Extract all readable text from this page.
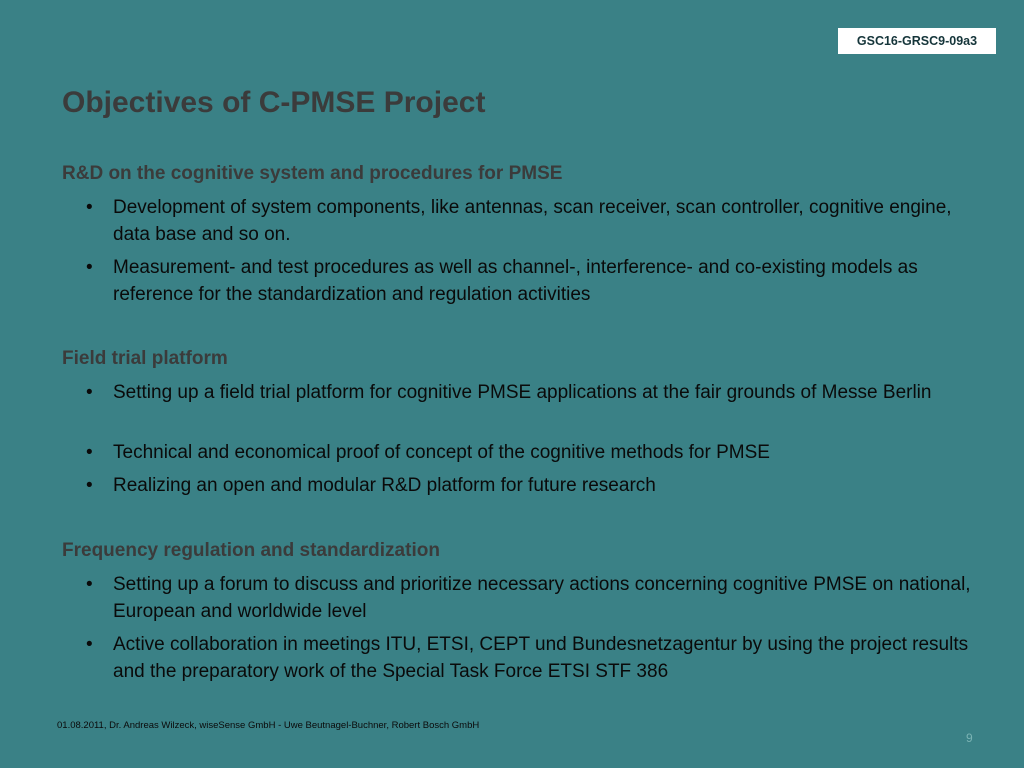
GSC16-GRSC9-09a3
Objectives of C-PMSE Project
R&D on the cognitive system and procedures for PMSE
• Development of system components, like antennas, scan receiver, scan controller, cognitive engine, data base and so on.
• Measurement- and test procedures as well as channel-, interference- and co-existing models as reference for the standardization and regulation activities
Field trial platform
• Setting up a field trial platform for cognitive PMSE applications at the fair grounds of Messe Berlin
• Technical and economical proof of concept of the cognitive methods for PMSE
• Realizing an open and modular R&D platform for future research
Frequency regulation and standardization
• Setting up a forum to discuss and prioritize necessary actions concerning cognitive PMSE on national, European and worldwide level
• Active collaboration in meetings ITU, ETSI, CEPT und Bundesnetzagentur by using the project results and the preparatory work of the Special Task Force ETSI STF 386
01.08.2011, Dr. Andreas Wilzeck, wiseSense GmbH - Uwe Beutnagel-Buchner, Robert Bosch GmbH
9
